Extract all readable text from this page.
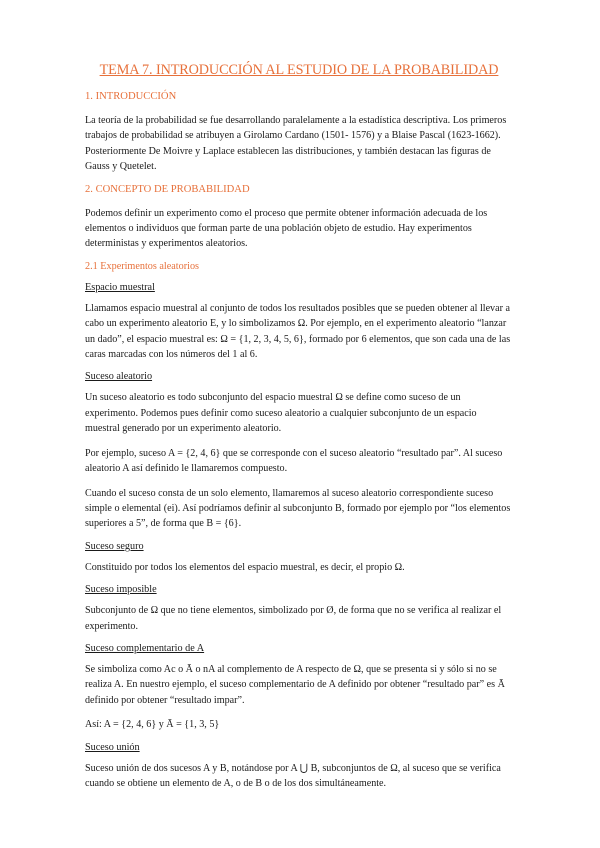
TEMA 7. INTRODUCCIÓN AL ESTUDIO DE LA PROBABILIDAD
1. INTRODUCCIÓN

La teoría de la probabilidad se fue desarrollando paralelamente a la estadística descriptiva. Los primeros trabajos de probabilidad se atribuyen a Girolamo Cardano (1501- 1576) y a Blaise Pascal (1623-1662). Posteriormente De Moivre y Laplace establecen las distribuciones, y también destacan las figuras de Gauss y Quetelet.

2. CONCEPTO DE PROBABILIDAD

Podemos definir un experimento como el proceso que permite obtener información adecuada de los elementos o individuos que forman parte de una población objeto de estudio. Hay experimentos deterministas y experimentos aleatorios.

2.1 Experimentos aleatorios
Espacio muestral

Llamamos espacio muestral al conjunto de todos los resultados posibles que se pueden obtener al llevar a cabo un experimento aleatorio E, y lo simbolizamos Ω. Por ejemplo, en el experimento aleatorio “lanzar un dado”, el espacio muestral es: Ω = {1, 2, 3, 4, 5, 6}, formado por 6 elementos, que son cada una de las caras marcadas con los números del 1 al 6.

Suceso aleatorio

Un suceso aleatorio es todo subconjunto del espacio muestral Ω se define como suceso de un experimento. Podemos pues definir como suceso aleatorio a cualquier subconjunto de un espacio muestral generado por un experimento aleatorio.

Por ejemplo, suceso A = {2, 4, 6} que se corresponde con el suceso aleatorio “resultado par”. Al suceso aleatorio A así definido le llamaremos compuesto.

Cuando el suceso consta de un solo elemento, llamaremos al suceso aleatorio correspondiente suceso simple o elemental (ei). Así podríamos definir al subconjunto B, formado por ejemplo por “los elementos superiores a 5”, de forma que B = {6}.

Suceso seguro

Constituido por todos los elementos del espacio muestral, es decir, el propio Ω.

Suceso imposible

Subconjunto de Ω que no tiene elementos, simbolizado por Ø, de forma que no se verifica al realizar el experimento.

Suceso complementario de A

Se simboliza como Ac o Ā o nA al complemento de A respecto de Ω, que se presenta si y sólo si no se realiza A. En nuestro ejemplo, el suceso complementario de A definido por obtener “resultado par” es Ā definido por obtener “resultado impar”.

Así: A = {2, 4, 6} y Ā = {1, 3, 5}

Suceso unión

Suceso unión de dos sucesos A y B, notándose por A ⋃ B, subconjuntos de Ω, al suceso que se verifica cuando se obtiene un elemento de A, o de B o de los dos simultáneamente.
